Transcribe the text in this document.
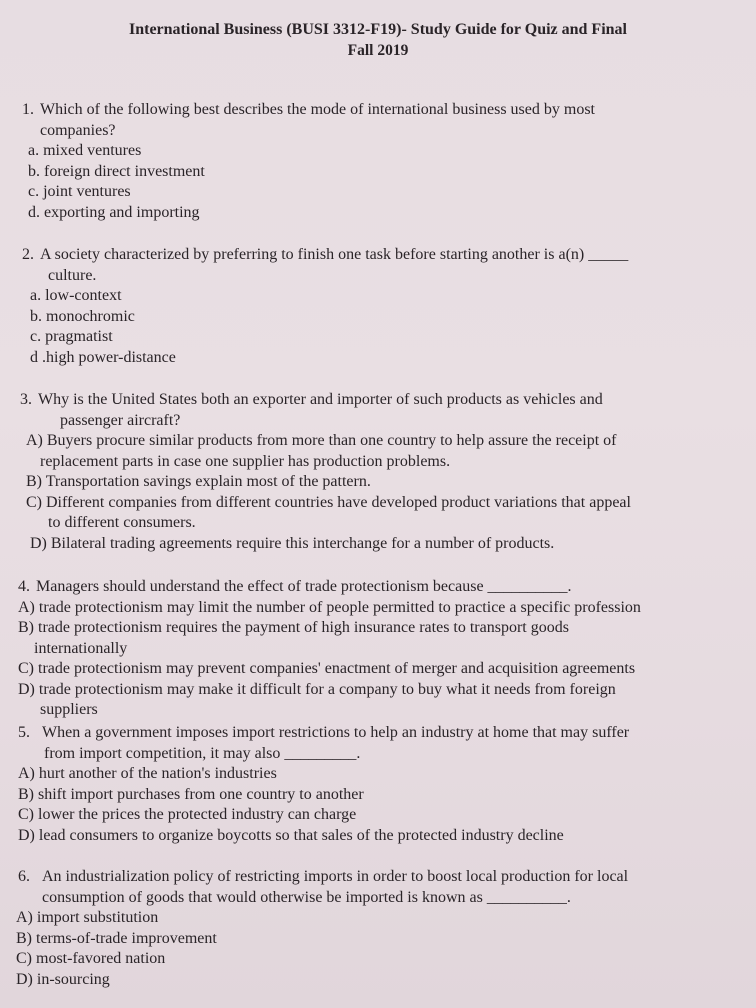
International Business (BUSI 3312-F19)- Study Guide for Quiz and Final
Fall 2019
1. Which of the following best describes the mode of international business used by most
companies?
a. mixed ventures
b. foreign direct investment
c. joint ventures
d. exporting and importing
2. A society characterized by preferring to finish one task before starting another is a(n) _____
culture.
a. low-context
b. monochromic
c. pragmatist
d .high power-distance
3. Why is the United States both an exporter and importer of such products as vehicles and
passenger aircraft?
A) Buyers procure similar products from more than one country to help assure the receipt of
replacement parts in case one supplier has production problems.
B) Transportation savings explain most of the pattern.
C) Different companies from different countries have developed product variations that appeal
to different consumers.
D) Bilateral trading agreements require this interchange for a number of products.
4. Managers should understand the effect of trade protectionism because __________.
A) trade protectionism may limit the number of people permitted to practice a specific profession
B) trade protectionism requires the payment of high insurance rates to transport goods
internationally
C) trade protectionism may prevent companies' enactment of merger and acquisition agreements
D) trade protectionism may make it difficult for a company to buy what it needs from foreign
suppliers
5. When a government imposes import restrictions to help an industry at home that may suffer
from import competition, it may also _________.
A) hurt another of the nation's industries
B) shift import purchases from one country to another
C) lower the prices the protected industry can charge
D) lead consumers to organize boycotts so that sales of the protected industry decline
6. An industrialization policy of restricting imports in order to boost local production for local
consumption of goods that would otherwise be imported is known as __________.
A) import substitution
B) terms-of-trade improvement
C) most-favored nation
D) in-sourcing
